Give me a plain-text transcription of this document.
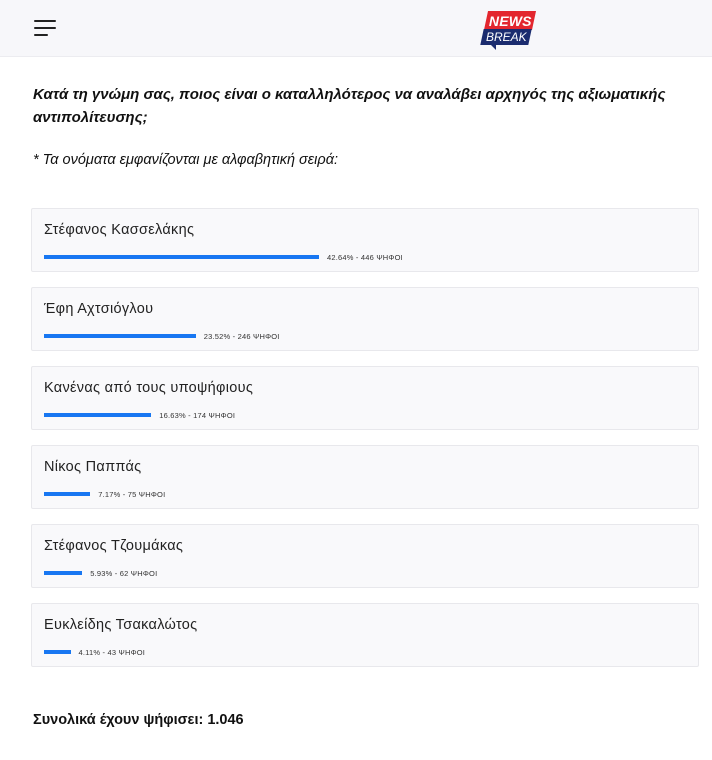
NEWS
BREAK
Κατά τη γνώμη σας, ποιος είναι ο καταλληλότερος να αναλάβει αρχηγός της αξιωματικής αντιπολίτευσης;
* Τα ονόματα εμφανίζονται με αλφαβητική σειρά:
Στέφανος Κασσελάκης
42.64% - 446 ΨΗΦΟΙ
Έφη Αχτσιόγλου
23.52% - 246 ΨΗΦΟΙ
Κανένας από τους υποψήφιους
16.63% - 174 ΨΗΦΟΙ
Νίκος Παππάς
7.17% - 75 ΨΗΦΟΙ
Στέφανος Τζουμάκας
5.93% - 62 ΨΗΦΟΙ
Ευκλείδης Τσακαλώτος
4.11% - 43 ΨΗΦΟΙ
Συνολικά έχουν ψήφισει: 1.046
